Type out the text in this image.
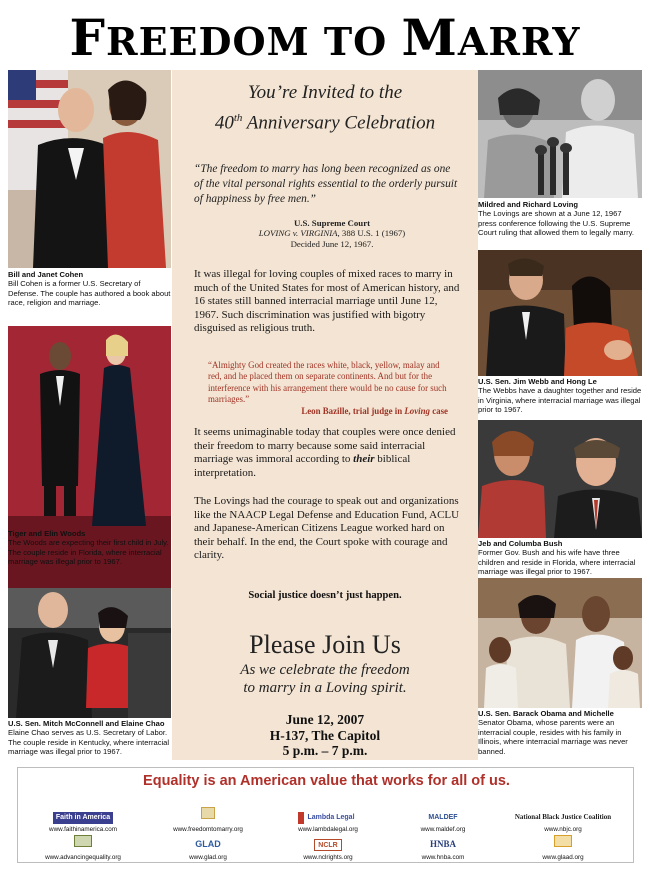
FREEDOM TO MARRY
Bill and Janet Cohen
Bill Cohen is a former U.S. Secretary of Defense. The couple has authored a book about race, religion and marriage.
Tiger and Elin Woods
The Woods are expecting their first child in July. The couple reside in Florida, where interracial marriage was illegal prior to 1967.
U.S. Sen. Mitch McConnell and Elaine Chao
Elaine Chao serves as U.S. Secretary of Labor. The couple reside in Kentucky, where interracial marriage was illegal prior to 1967.
You’re Invited to the
40th Anniversary Celebration
“The freedom to marry has long been recognized as one of the vital personal rights essential to the orderly pursuit of happiness by free men.”
U.S. Supreme Court
LOVING v. VIRGINIA, 388 U.S. 1 (1967)
Decided June 12, 1967.
It was illegal for loving couples of mixed races to marry in much of the United States for most of American history, and 16 states still banned interracial marriage until June 12, 1967. Such discrimination was justified with bigotry disguised as religious truth.
“Almighty God created the races white, black, yellow, malay and red, and he placed them on separate continents. And but for the interference with his arrangement there would be no cause for such marriages.”
Leon Bazille, trial judge in Loving case
It seems unimaginable today that couples were once denied their freedom to marry because some said interracial marriage was immoral according to their biblical interpretation.
The Lovings had the courage to speak out and organizations like the NAACP Legal Defense and Education Fund, ACLU and Japanese-American Citizens League worked hard on their behalf. In the end, the Court spoke with courage and clarity.
Social justice doesn’t just happen.
Please Join Us
As we celebrate the freedom
to marry in a Loving spirit.
June 12, 2007
H-137, The Capitol
5 p.m. – 7 p.m.
Mildred and Richard Loving
The Lovings are shown at a June 12, 1967 press conference following the U.S. Supreme Court ruling that allowed them to legally marry.
U.S. Sen. Jim Webb and Hong Le
The Webbs have a daughter together and reside in Virginia, where interracial marriage was illegal prior to 1967.
Jeb and Columba Bush
Former Gov. Bush and his wife have three children and reside in Florida, where interracial marriage was illegal prior to 1967.
U.S. Sen. Barack Obama and Michelle
Senator Obama, whose parents were an interracial couple, resides with his family in Illinois, where interracial marriage was never banned.
Equality is an American value that works for all of us.
Faith in America
www.faithinamerica.com	www.freedomtomarry.org
Lambda Legal
www.lambdalegal.org
MALDEF
www.maldef.org
National Black Justice Coalition
www.nbjc.org
www.advancingequality.org
GLAD
www.glad.org
NCLR
www.nclrights.org
HNBA
www.hnba.com	www.glaad.org
